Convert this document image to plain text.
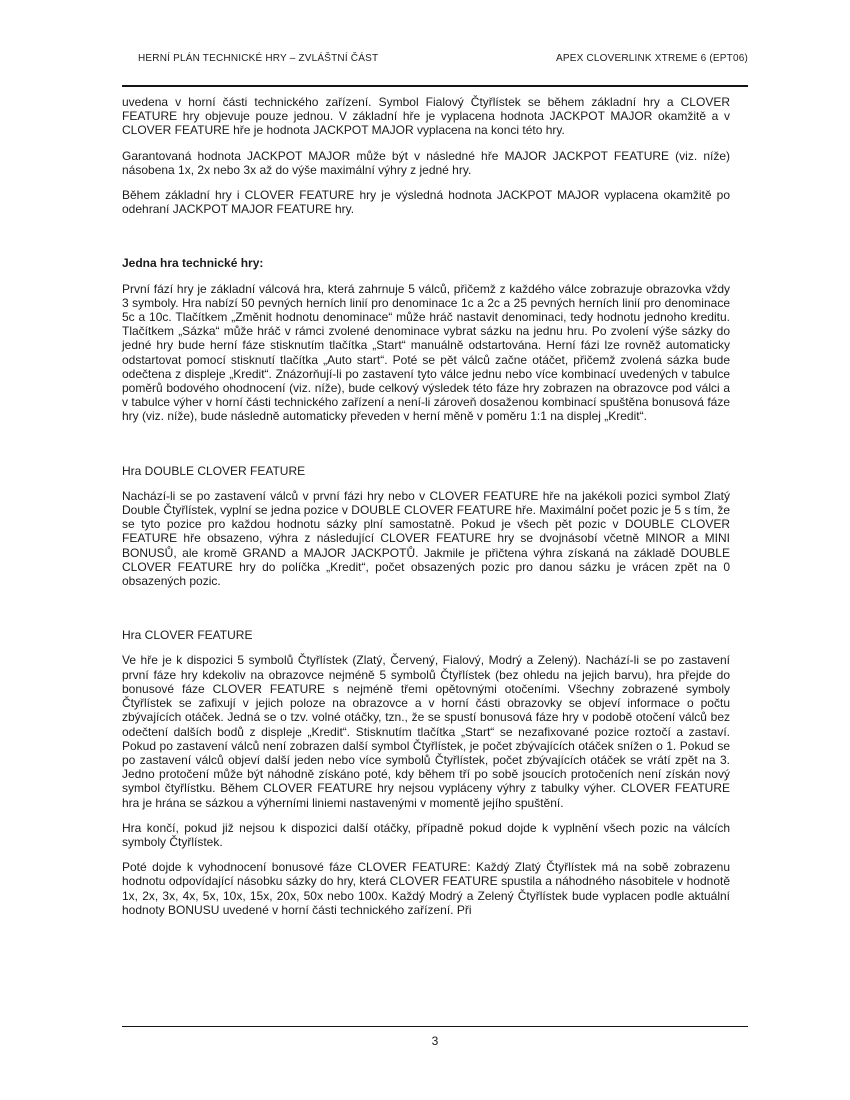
HERNÍ PLÁN TECHNICKÉ HRY – ZVLÁŠTNÍ ČÁST	APEX CLOVERLINK XTREME 6 (EPT06)

uvedena v horní části technického zařízení. Symbol Fialový Čtyřlístek se během základní hry a CLOVER FEATURE hry objevuje pouze jednou. V základní hře je vyplacena hodnota JACKPOT MAJOR okamžitě a v CLOVER FEATURE hře je hodnota JACKPOT MAJOR vyplacena na konci této hry.

Garantovaná hodnota JACKPOT MAJOR může být v následné hře MAJOR JACKPOT FEATURE (viz. níže) násobena 1x, 2x nebo 3x až do výše maximální výhry z jedné hry.

Během základní hry i CLOVER FEATURE hry je výsledná hodnota JACKPOT MAJOR vyplacena okamžitě po odehraní JACKPOT MAJOR FEATURE hry.

Jedna hra technické hry:

První fází hry je základní válcová hra, která zahrnuje 5 válců, přičemž z každého válce zobrazuje obrazovka vždy 3 symboly. Hra nabízí 50 pevných herních linií pro denominace 1c a 2c a 25 pevných herních linií pro denominace 5c a 10c. Tlačítkem „Změnit hodnotu denominace“ může hráč nastavit denominaci, tedy hodnotu jednoho kreditu. Tlačítkem „Sázka“ může hráč v rámci zvolené denominace vybrat sázku na jednu hru. Po zvolení výše sázky do jedné hry bude herní fáze stisknutím tlačítka „Start“ manuálně odstartována. Herní fázi lze rovněž automaticky odstartovat pomocí stisknutí tlačítka „Auto start“. Poté se pět válců začne otáčet, přičemž zvolená sázka bude odečtena z displeje „Kredit“. Znázorňují-li po zastavení tyto válce jednu nebo více kombinací uvedených v tabulce poměrů bodového ohodnocení (viz. níže), bude celkový výsledek této fáze hry zobrazen na obrazovce pod válci a v tabulce výher v horní části technického zařízení a není-li zároveň dosaženou kombinací spuštěna bonusová fáze hry (viz. níže), bude následně automaticky převeden v herní měně v poměru 1:1 na displej „Kredit“.

Hra DOUBLE CLOVER FEATURE

Nachází-li se po zastavení válců v první fázi hry nebo v CLOVER FEATURE hře na jakékoli pozici symbol Zlatý Double Čtyřlístek, vyplní se jedna pozice v DOUBLE CLOVER FEATURE hře. Maximální počet pozic je 5 s tím, že se tyto pozice pro každou hodnotu sázky plní samostatně. Pokud je všech pět pozic v DOUBLE CLOVER FEATURE hře obsazeno, výhra z následující CLOVER FEATURE hry se dvojnásobí včetně MINOR a MINI BONUSŮ, ale kromě GRAND a MAJOR JACKPOTŮ. Jakmile je přičtena výhra získaná na základě DOUBLE CLOVER FEATURE hry do políčka „Kredit“, počet obsazených pozic pro danou sázku je vrácen zpět na 0 obsazených pozic.

Hra CLOVER FEATURE

Ve hře je k dispozici 5 symbolů Čtyřlístek (Zlatý, Červený, Fialový, Modrý a Zelený). Nachází-li se po zastavení první fáze hry kdekoliv na obrazovce nejméně 5 symbolů Čtyřlístek (bez ohledu na jejich barvu), hra přejde do bonusové fáze CLOVER FEATURE s nejméně třemi opětovnými otočeními. Všechny zobrazené symboly Čtyřlístek se zafixují v jejich poloze na obrazovce a v horní části obrazovky se objeví informace o počtu zbývajících otáček. Jedná se o tzv. volné otáčky, tzn., že se spustí bonusová fáze hry v podobě otočení válců bez odečtení dalších bodů z displeje „Kredit“. Stisknutím tlačítka „Start“ se nezafixované pozice roztočí a zastaví. Pokud po zastavení válců není zobrazen další symbol Čtyřlístek, je počet zbývajících otáček snížen o 1. Pokud se po zastavení válců objeví další jeden nebo více symbolů Čtyřlístek, počet zbývajících otáček se vrátí zpět na 3. Jedno protočení může být náhodně získáno poté, kdy během tří po sobě jsoucích protočeních není získán nový symbol čtyřlístku. Během CLOVER FEATURE hry nejsou vypláceny výhry z tabulky výher. CLOVER FEATURE hra je hrána se sázkou a výherními liniemi nastavenými v momentě jejího spuštění.

Hra končí, pokud již nejsou k dispozici další otáčky, případně pokud dojde k vyplnění všech pozic na válcích symboly Čtyřlístek.

Poté dojde k vyhodnocení bonusové fáze CLOVER FEATURE: Každý Zlatý Čtyřlístek má na sobě zobrazenu hodnotu odpovídající násobku sázky do hry, která CLOVER FEATURE spustila a náhodného násobitele v hodnotě 1x, 2x, 3x, 4x, 5x, 10x, 15x, 20x, 50x nebo 100x. Každý Modrý a Zelený Čtyřlístek bude vyplacen podle aktuální hodnoty BONUSU uvedené v horní části technického zařízení. Při

3
